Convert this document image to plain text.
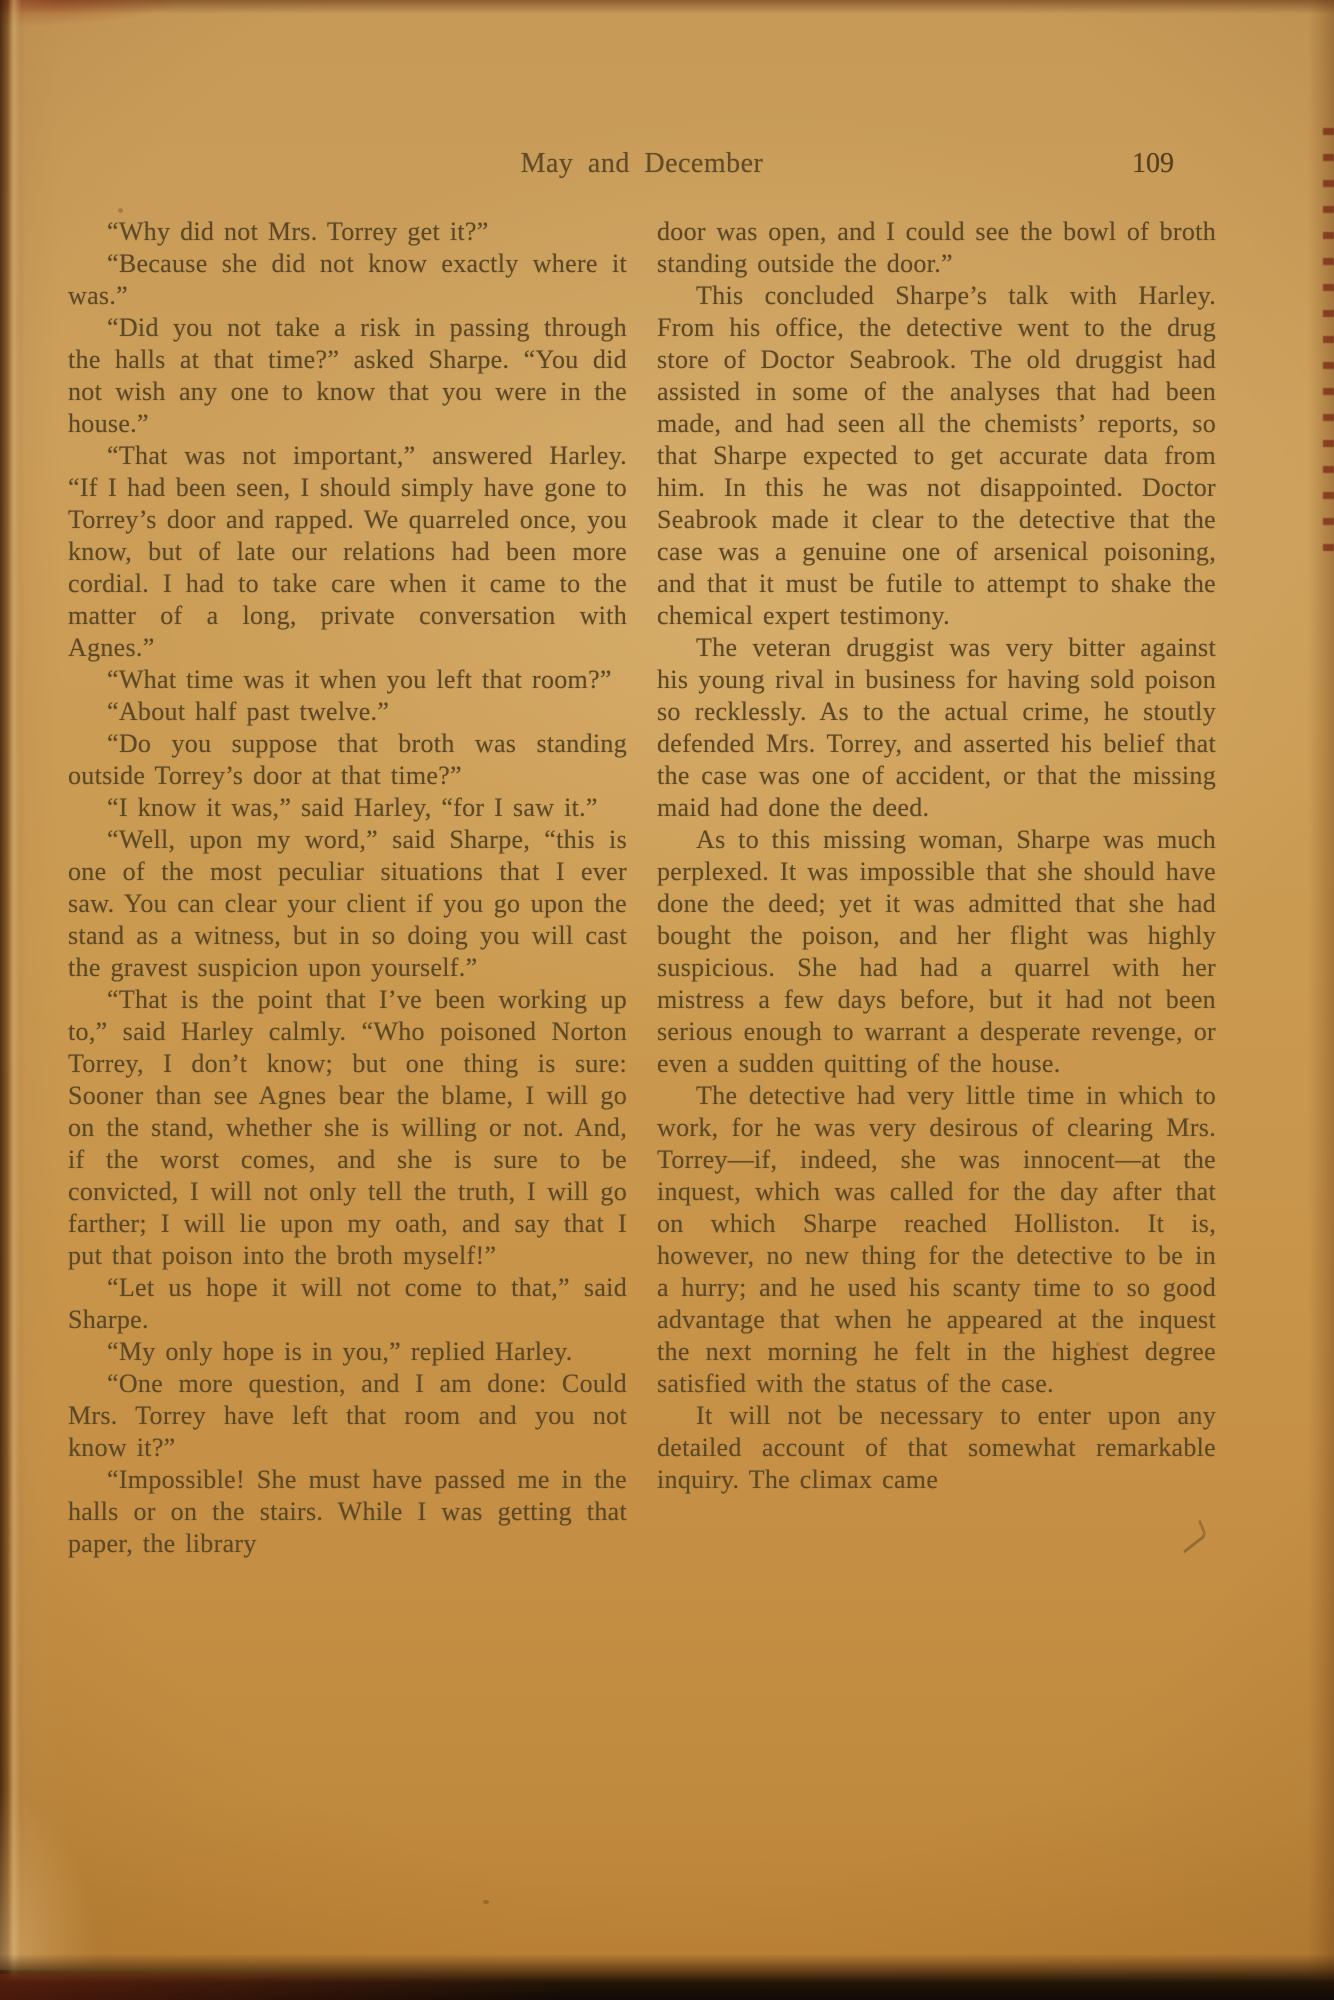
May and December	109

“Why did not Mrs. Torrey get it?”

“Because she did not know exactly where it was.”

“Did you not take a risk in passing through the halls at that time?” asked Sharpe. “You did not wish any one to know that you were in the house.”

“That was not important,” answered Harley. “If I had been seen, I should simply have gone to Torrey’s door and rapped. We quarreled once, you know, but of late our relations had been more cordial. I had to take care when it came to the matter of a long, private conversation with Agnes.”

“What time was it when you left that room?”

“About half past twelve.”

“Do you suppose that broth was standing outside Torrey’s door at that time?”

“I know it was,” said Harley, “for I saw it.”

“Well, upon my word,” said Sharpe, “this is one of the most peculiar situations that I ever saw. You can clear your client if you go upon the stand as a witness, but in so doing you will cast the gravest suspicion upon yourself.”

“That is the point that I’ve been working up to,” said Harley calmly. “Who poisoned Norton Torrey, I don’t know; but one thing is sure: Sooner than see Agnes bear the blame, I will go on the stand, whether she is willing or not. And, if the worst comes, and she is sure to be convicted, I will not only tell the truth, I will go farther; I will lie upon my oath, and say that I put that poison into the broth myself!”

“Let us hope it will not come to that,” said Sharpe.

“My only hope is in you,” replied Harley.

“One more question, and I am done: Could Mrs. Torrey have left that room and you not know it?”

“Impossible! She must have passed me in the halls or on the stairs. While I was getting that paper, the library

door was open, and I could see the bowl of broth standing outside the door.”

This concluded Sharpe’s talk with Harley. From his office, the detective went to the drug store of Doctor Seabrook. The old druggist had assisted in some of the analyses that had been made, and had seen all the chemists’ reports, so that Sharpe expected to get accurate data from him. In this he was not disappointed. Doctor Seabrook made it clear to the detective that the case was a genuine one of arsenical poisoning, and that it must be futile to attempt to shake the chemical expert testimony.

The veteran druggist was very bitter against his young rival in business for having sold poison so recklessly. As to the actual crime, he stoutly defended Mrs. Torrey, and asserted his belief that the case was one of accident, or that the missing maid had done the deed.

As to this missing woman, Sharpe was much perplexed. It was impossible that she should have done the deed; yet it was admitted that she had bought the poison, and her flight was highly suspicious. She had had a quarrel with her mistress a few days before, but it had not been serious enough to warrant a desperate revenge, or even a sudden quitting of the house.

The detective had very little time in which to work, for he was very desirous of clearing Mrs. Torrey—if, indeed, she was innocent—at the inquest, which was called for the day after that on which Sharpe reached Holliston. It is, however, no new thing for the detective to be in a hurry; and he used his scanty time to so good advantage that when he appeared at the inquest the next morning he felt in the highest degree satisfied with the status of the case.

It will not be necessary to enter upon any detailed account of that somewhat remarkable inquiry. The climax came
